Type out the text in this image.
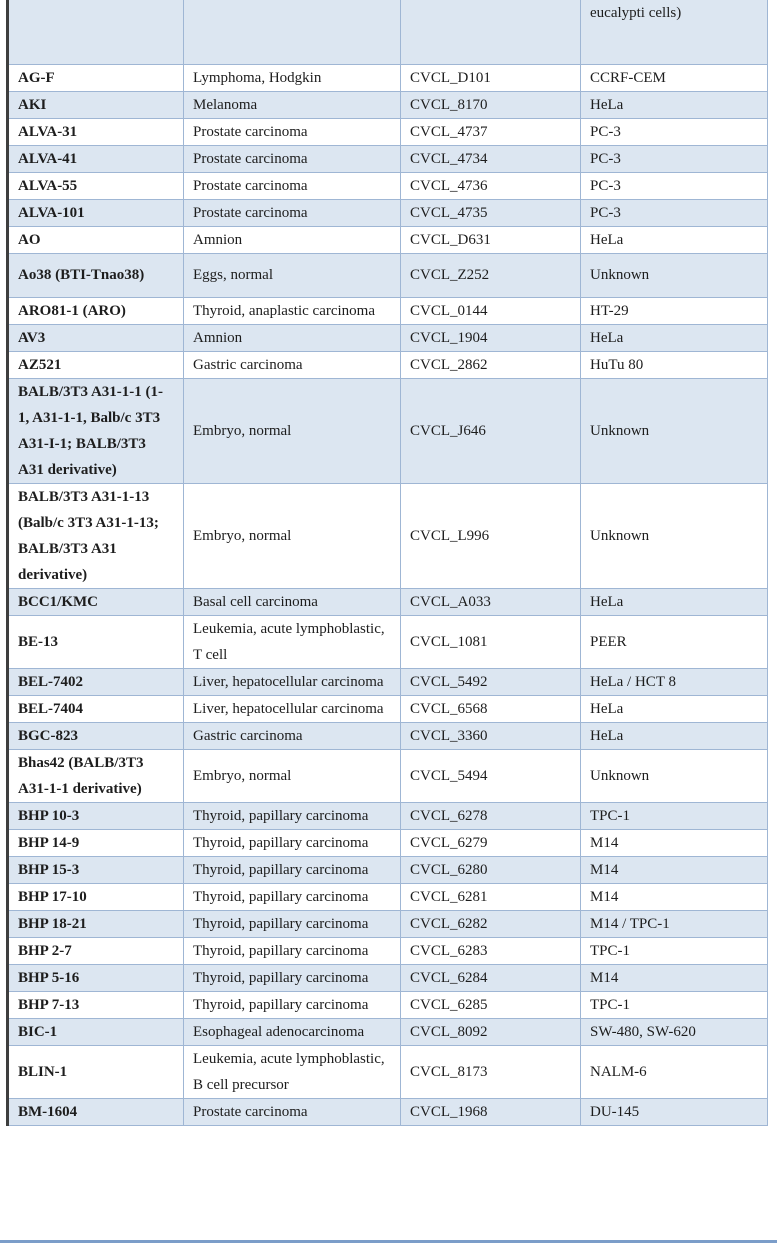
			eucalypti cells)
AG-F	Lymphoma, Hodgkin	CVCL_D101	CCRF-CEM
AKI	Melanoma	CVCL_8170	HeLa
ALVA-31	Prostate carcinoma	CVCL_4737	PC-3
ALVA-41	Prostate carcinoma	CVCL_4734	PC-3
ALVA-55	Prostate carcinoma	CVCL_4736	PC-3
ALVA-101	Prostate carcinoma	CVCL_4735	PC-3
AO	Amnion	CVCL_D631	HeLa
Ao38 (BTI-Tnao38)	Eggs, normal	CVCL_Z252	Unknown
ARO81-1 (ARO)	Thyroid, anaplastic carcinoma	CVCL_0144	HT-29
AV3	Amnion	CVCL_1904	HeLa
AZ521	Gastric carcinoma	CVCL_2862	HuTu 80
BALB/3T3 A31-1-1 (1-1, A31-1-1, Balb/c 3T3 A31-I-1; BALB/3T3 A31 derivative)	Embryo, normal	CVCL_J646	Unknown
BALB/3T3 A31-1-13 (Balb/c 3T3 A31-1-13; BALB/3T3 A31 derivative)	Embryo, normal	CVCL_L996	Unknown
BCC1/KMC	Basal cell carcinoma	CVCL_A033	HeLa
BE-13	Leukemia, acute lymphoblastic, T cell	CVCL_1081	PEER
BEL-7402	Liver, hepatocellular carcinoma	CVCL_5492	HeLa / HCT 8
BEL-7404	Liver, hepatocellular carcinoma	CVCL_6568	HeLa
BGC-823	Gastric carcinoma	CVCL_3360	HeLa
Bhas42 (BALB/3T3 A31-1-1 derivative)	Embryo, normal	CVCL_5494	Unknown
BHP 10-3	Thyroid, papillary carcinoma	CVCL_6278	TPC-1
BHP 14-9	Thyroid, papillary carcinoma	CVCL_6279	M14
BHP 15-3	Thyroid, papillary carcinoma	CVCL_6280	M14
BHP 17-10	Thyroid, papillary carcinoma	CVCL_6281	M14
BHP 18-21	Thyroid, papillary carcinoma	CVCL_6282	M14 / TPC-1
BHP 2-7	Thyroid, papillary carcinoma	CVCL_6283	TPC-1
BHP 5-16	Thyroid, papillary carcinoma	CVCL_6284	M14
BHP 7-13	Thyroid, papillary carcinoma	CVCL_6285	TPC-1
BIC-1	Esophageal adenocarcinoma	CVCL_8092	SW-480, SW-620
BLIN-1	Leukemia, acute lymphoblastic, B cell precursor	CVCL_8173	NALM-6
BM-1604	Prostate carcinoma	CVCL_1968	DU-145
